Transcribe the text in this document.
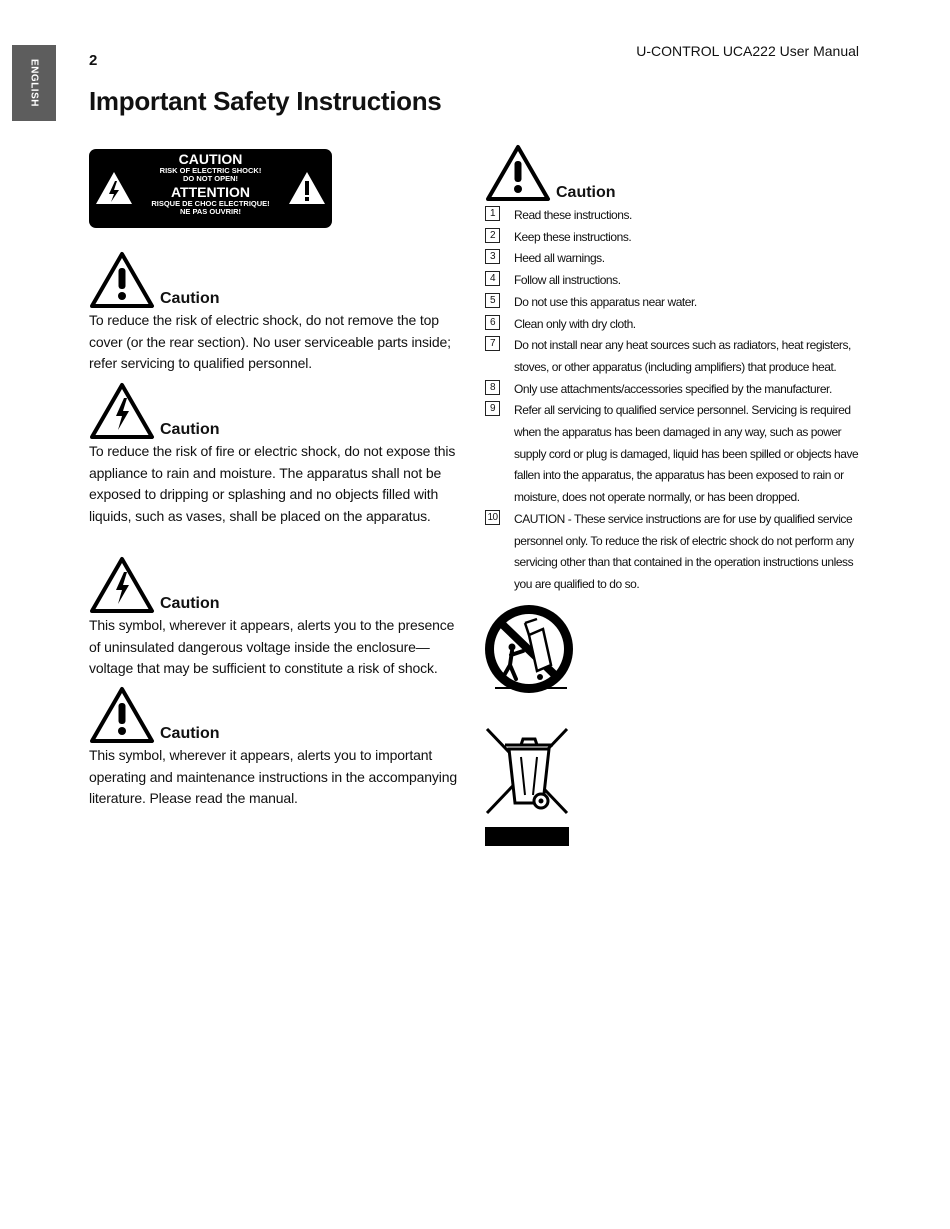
ENGLISH	2
U-CONTROL UCA222 User Manual
Important Safety Instructions
CAUTION
RISK OF ELECTRIC SHOCK!
DO NOT OPEN!
ATTENTION
RISQUE DE CHOC ELECTRIQUE!
NE PAS OUVRIR!
Caution

To reduce the risk of electric shock, do not remove the top cover (or the rear section). No user serviceable parts inside; refer servicing to qualified personnel.

Caution

To reduce the risk of fire or electric shock, do not expose this appliance to rain and moisture. The apparatus shall not be exposed to dripping or splashing and no objects filled with liquids, such as vases, shall be placed on the apparatus.

Caution

This symbol, wherever it appears, alerts you to the presence of uninsulated dangerous voltage inside the enclosure—voltage that may be sufficient to constitute a risk of shock.

Caution

This symbol, wherever it appears, alerts you to important operating and maintenance instructions in the accompanying literature. Please read the manual.

Caution
1	Read these instructions.
2	Keep these instructions.
3	Heed all warnings.
4	Follow all instructions.
5	Do not use this apparatus near water.
6	Clean only with dry cloth.
7	Do not install near any heat sources such as radiators, heat registers, stoves, or other apparatus (including amplifiers) that produce heat.
8	Only use attachments/accessories specified by the manufacturer.
9	Refer all servicing to qualified service personnel. Servicing is required when the apparatus has been damaged in any way, such as power supply cord or plug is damaged, liquid has been spilled or objects have fallen into the apparatus, the apparatus has been exposed to rain or moisture, does not operate normally, or has been dropped.
10 CAUTION - These service instructions are for use by qualified service personnel only. To reduce the risk of electric shock do not perform any servicing other than that contained in the operation instructions unless you are qualified to do so.
